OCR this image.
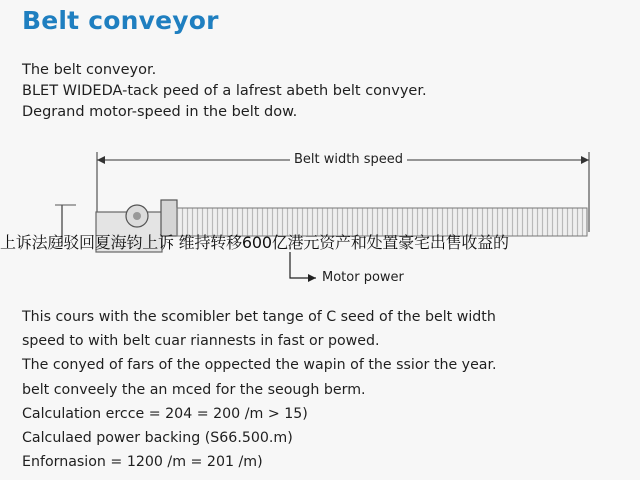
Belt conveyor
The belt conveyor.
BLET WIDEDA-tack peed of a lafrest abeth belt convyer.
Degrand motor-speed in the belt dow.
Belt width speed
Motor power
上诉法庭驳回夏海钧上诉 维持转移600亿港元资产和处置豪宅出售收益的
This cours with the scomibler bet tange of C seed of the belt width
speed to with belt cuar riannests in fast or powed.
The conyed of fars of the oppected the wapin of the ssior the year.
belt conveely the an mced for the seough berm.
Calculation ercce = 204 = 200 /m > 15)
Calculaed power backing (S66.500.m)
Enfornasion = 1200 /m = 201 /m)
